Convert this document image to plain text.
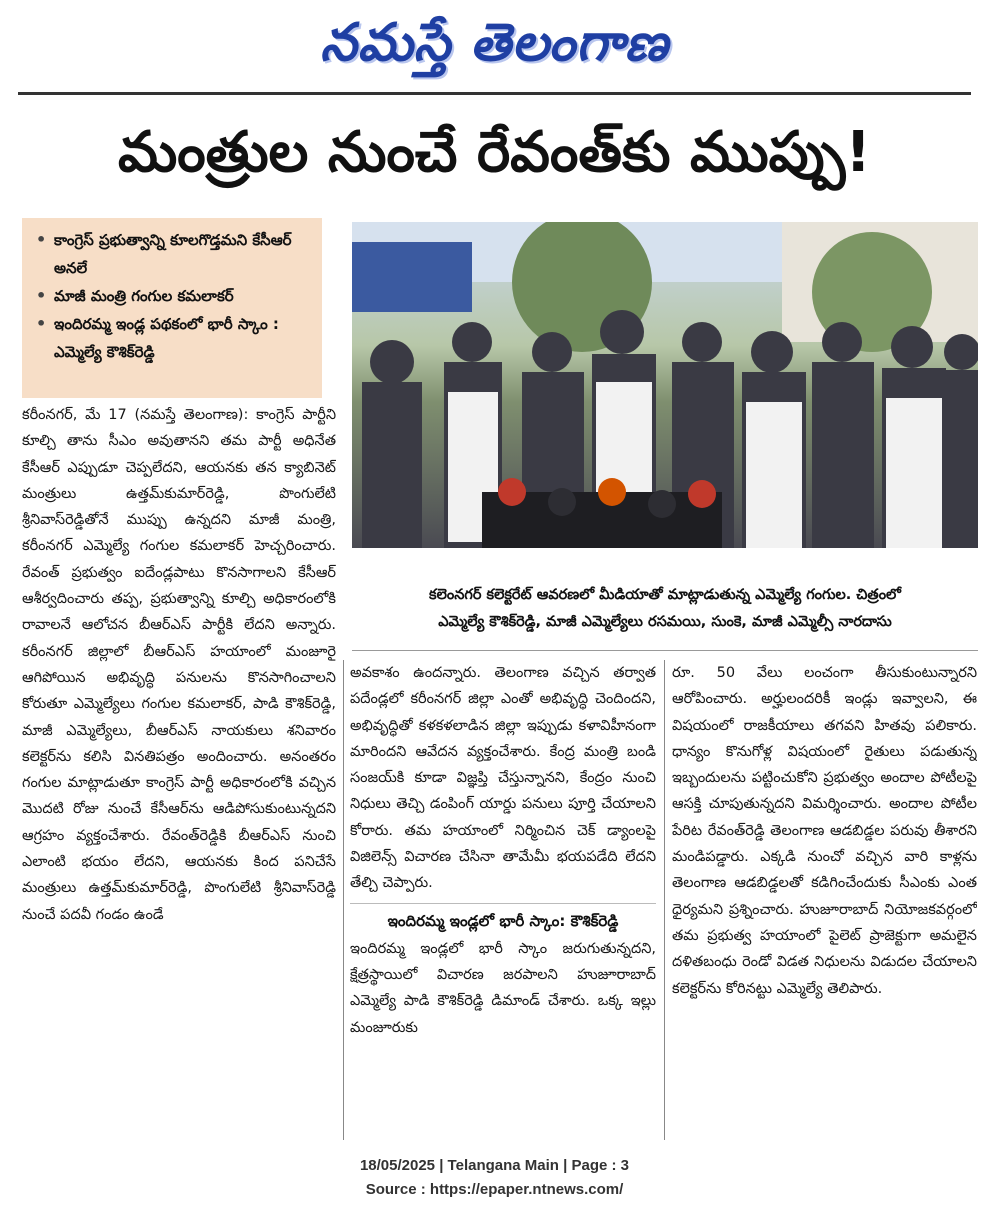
నమస్తే తెలంగాణ
మంత్రుల నుంచే రేవంత్‌కు ముప్పు!
• కాంగ్రెస్ ప్రభుత్వాన్ని కూలగొడ్తమని కేసీఆర్ అనలే
• మాజీ మంత్రి గంగుల కమలాకర్
• ఇందిరమ్మ ఇండ్ల పథకంలో భారీ స్కాం : ఎమ్మెల్యే కౌశిక్‌రెడ్డి

కరీంనగర్, మే 17 (నమస్తే తెలంగాణ): కాంగ్రెస్ పార్టీని కూల్చి తాను సీఎం అవుతానని తమ పార్టీ అధినేత కేసీఆర్ ఎప్పుడూ చెప్పలేదని, ఆయనకు తన క్యాబినెట్ మంత్రులు ఉత్తమ్‌కుమార్‌రెడ్డి, పొంగులేటి శ్రీనివాస్‌రెడ్డితోనే ముప్పు ఉన్నదని మాజీ మంత్రి, కరీంనగర్ ఎమ్మెల్యే గంగుల కమలాకర్ హెచ్చరించారు. రేవంత్ ప్రభుత్వం ఐదేండ్లపాటు కొనసాగాలని కేసీఆర్ ఆశీర్వదించారు తప్ప, ప్రభుత్వాన్ని కూల్చి అధికారంలోకి రావాలనే ఆలోచన బీఆర్‌ఎస్ పార్టీకి లేదని అన్నారు. కరీంనగర్ జిల్లాలో బీఆర్‌ఎస్ హయాంలో మంజూరై ఆగిపోయిన అభివృద్ధి పనులను కొనసాగించాలని కోరుతూ ఎమ్మెల్యేలు గంగుల కమలాకర్, పాడి కౌశిక్‌రెడ్డి, మాజీ ఎమ్మెల్యేలు, బీఆర్‌ఎస్ నాయకులు శనివారం కలెక్టర్‌ను కలిసి వినతిపత్రం అందించారు. అనంతరం గంగుల మాట్లాడుతూ కాంగ్రెస్ పార్టీ అధికారంలోకి వచ్చిన మొదటి రోజు నుంచే కేసీఆర్‌ను ఆడిపోసుకుంటున్నదని ఆగ్రహం వ్యక్తంచేశారు. రేవంత్‌రెడ్డికి బీఆర్‌ఎస్ నుంచి ఎలాంటి భయం లేదని, ఆయనకు కింద పనిచేసే మంత్రులు ఉత్తమ్‌కుమార్‌రెడ్డి, పొంగులేటి శ్రీనివాస్‌రెడ్డి నుంచే పదవీ గండం ఉండే

కలెంనగర్ కలెక్టరేట్ ఆవరణలో మీడియాతో మాట్లాడుతున్న ఎమ్మెల్యే గంగుల. చిత్రంలో
ఎమ్మెల్యే కౌశిక్‌రెడ్డి, మాజీ ఎమ్మెల్యేలు రసమయి, సుంకె, మాజీ ఎమ్మెల్సీ నారదాసు

అవకాశం ఉందన్నారు. తెలంగాణ వచ్చిన తర్వాత పదేండ్లలో కరీంనగర్ జిల్లా ఎంతో అభివృద్ధి చెందిందని, అభివృద్ధితో కళకళలాడిన జిల్లా ఇప్పుడు కళావిహీనంగా మారిందని ఆవేదన వ్యక్తంచేశారు. కేంద్ర మంత్రి బండి సంజయ్‌కి కూడా విజ్ఞప్తి చేస్తున్నానని, కేంద్రం నుంచి నిధులు తెచ్చి డంపింగ్ యార్డు పనులు పూర్తి చేయాలని కోరారు. తమ హయాంలో నిర్మించిన చెక్ డ్యాంలపై విజిలెన్స్ విచారణ చేసినా తామేమీ భయపడేది లేదని తేల్చి చెప్పారు.

ఇందిరమ్మ ఇండ్లలో భారీ స్కాం: కౌశిక్‌రెడ్డి

ఇందిరమ్మ ఇండ్లలో భారీ స్కాం జరుగుతున్నదని, క్షేత్రస్థాయిలో విచారణ జరపాలని హుజూరాబాద్ ఎమ్మెల్యే పాడి కౌశిక్‌రెడ్డి డిమాండ్ చేశారు. ఒక్క ఇల్లు మంజూరుకు

రూ. 50 వేలు లంచంగా తీసుకుంటున్నారని ఆరోపించారు. అర్హులందరికీ ఇండ్లు ఇవ్వాలని, ఈ విషయంలో రాజకీయాలు తగవని హితవు పలికారు. ధాన్యం కొనుగోళ్ల విషయంలో రైతులు పడుతున్న ఇబ్బందులను పట్టించుకోని ప్రభుత్వం అందాల పోటీలపై ఆసక్తి చూపుతున్నదని విమర్శించారు. అందాల పోటీల పేరిట రేవంత్‌రెడ్డి తెలంగాణ ఆడబిడ్డల పరువు తీశారని మండిపడ్డారు. ఎక్కడి నుంచో వచ్చిన వారి కాళ్లను తెలంగాణ ఆడబిడ్డలతో కడిగించేందుకు సీఎంకు ఎంత ధైర్యమని ప్రశ్నించారు. హుజూరాబాద్ నియోజకవర్గంలో తమ ప్రభుత్వ హయాంలో పైలెట్ ప్రాజెక్టుగా అమలైన దళితబంధు రెండో విడత నిధులను విడుదల చేయాలని కలెక్టర్‌ను కోరినట్టు ఎమ్మెల్యే తెలిపారు.

18/05/2025 | Telangana Main | Page : 3
Source : https://epaper.ntnews.com/
